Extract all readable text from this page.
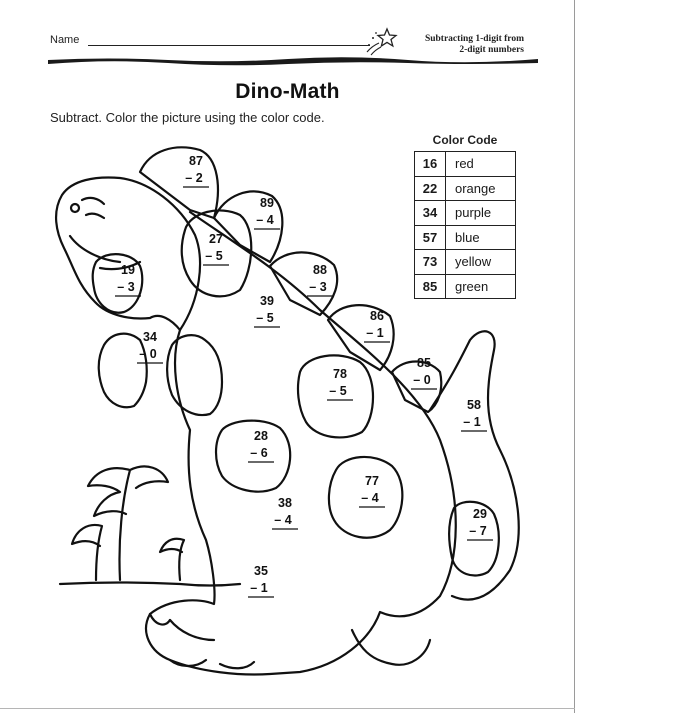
Name	Subtracting 1-digit from
2-digit numbers
Dino-Math
Subtract. Color the picture using the color code.
Color Code
16	red
22	orange
34	purple
57	blue
73	yellow
85	green
87
– 2
89
– 4
27
– 5
88
– 3
19
– 3
39
– 5	86
– 1
34
– 0
85
– 0
78
– 5
58
– 1
28
– 6
77
– 4
38
– 4	29
– 7
35
– 1
